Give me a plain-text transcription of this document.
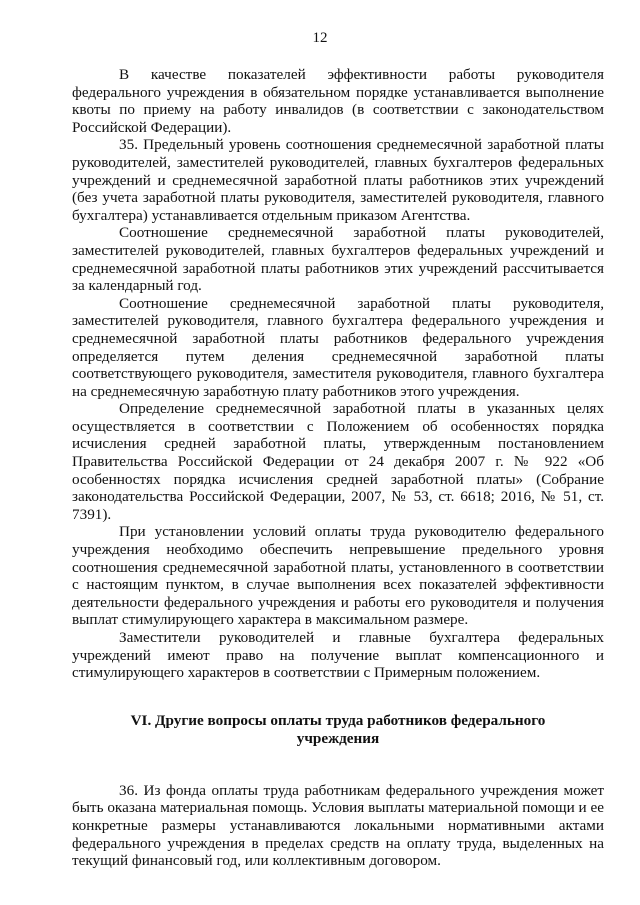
12

В качестве показателей эффективности работы руководителя федерального учреждения в обязательном порядке устанавливается выполнение квоты по приему на работу инвалидов (в соответствии с законодательством Российской Федерации).

35. Предельный уровень соотношения среднемесячной заработной платы руководителей, заместителей руководителей, главных бухгалтеров федеральных учреждений и среднемесячной заработной платы работников этих учреждений (без учета заработной платы руководителя, заместителей руководителя, главного бухгалтера) устанавливается отдельным приказом Агентства.

Соотношение среднемесячной заработной платы руководителей, заместителей руководителей, главных бухгалтеров федеральных учреждений и среднемесячной заработной платы работников этих учреждений рассчитывается за календарный год.

Соотношение среднемесячной заработной платы руководителя, заместителей руководителя, главного бухгалтера федерального учреждения и среднемесячной заработной платы работников федерального учреждения определяется путем деления среднемесячной заработной платы соответствующего руководителя, заместителя руководителя, главного бухгалтера на среднемесячную заработную плату работников этого учреждения.

Определение среднемесячной заработной платы в указанных целях осуществляется в соответствии с Положением об особенностях порядка исчисления средней заработной платы, утвержденным постановлением Правительства Российской Федерации от 24 декабря 2007 г. № 922 «Об особенностях порядка исчисления средней заработной платы» (Собрание законодательства Российской Федерации, 2007, № 53, ст. 6618; 2016, № 51, ст. 7391).

При установлении условий оплаты труда руководителю федерального учреждения необходимо обеспечить непревышение предельного уровня соотношения среднемесячной заработной платы, установленного в соответствии с настоящим пунктом, в случае выполнения всех показателей эффективности деятельности федерального учреждения и работы его руководителя и получения выплат стимулирующего характера в максимальном размере.

Заместители руководителей и главные бухгалтера федеральных учреждений имеют право на получение выплат компенсационного и стимулирующего характеров в соответствии с Примерным положением.

VI. Другие вопросы оплаты труда работников федерального учреждения

36. Из фонда оплаты труда работникам федерального учреждения может быть оказана материальная помощь. Условия выплаты материальной помощи и ее конкретные размеры устанавливаются локальными нормативными актами федерального учреждения в пределах средств на оплату труда, выделенных на текущий финансовый год, или коллективным договором.
